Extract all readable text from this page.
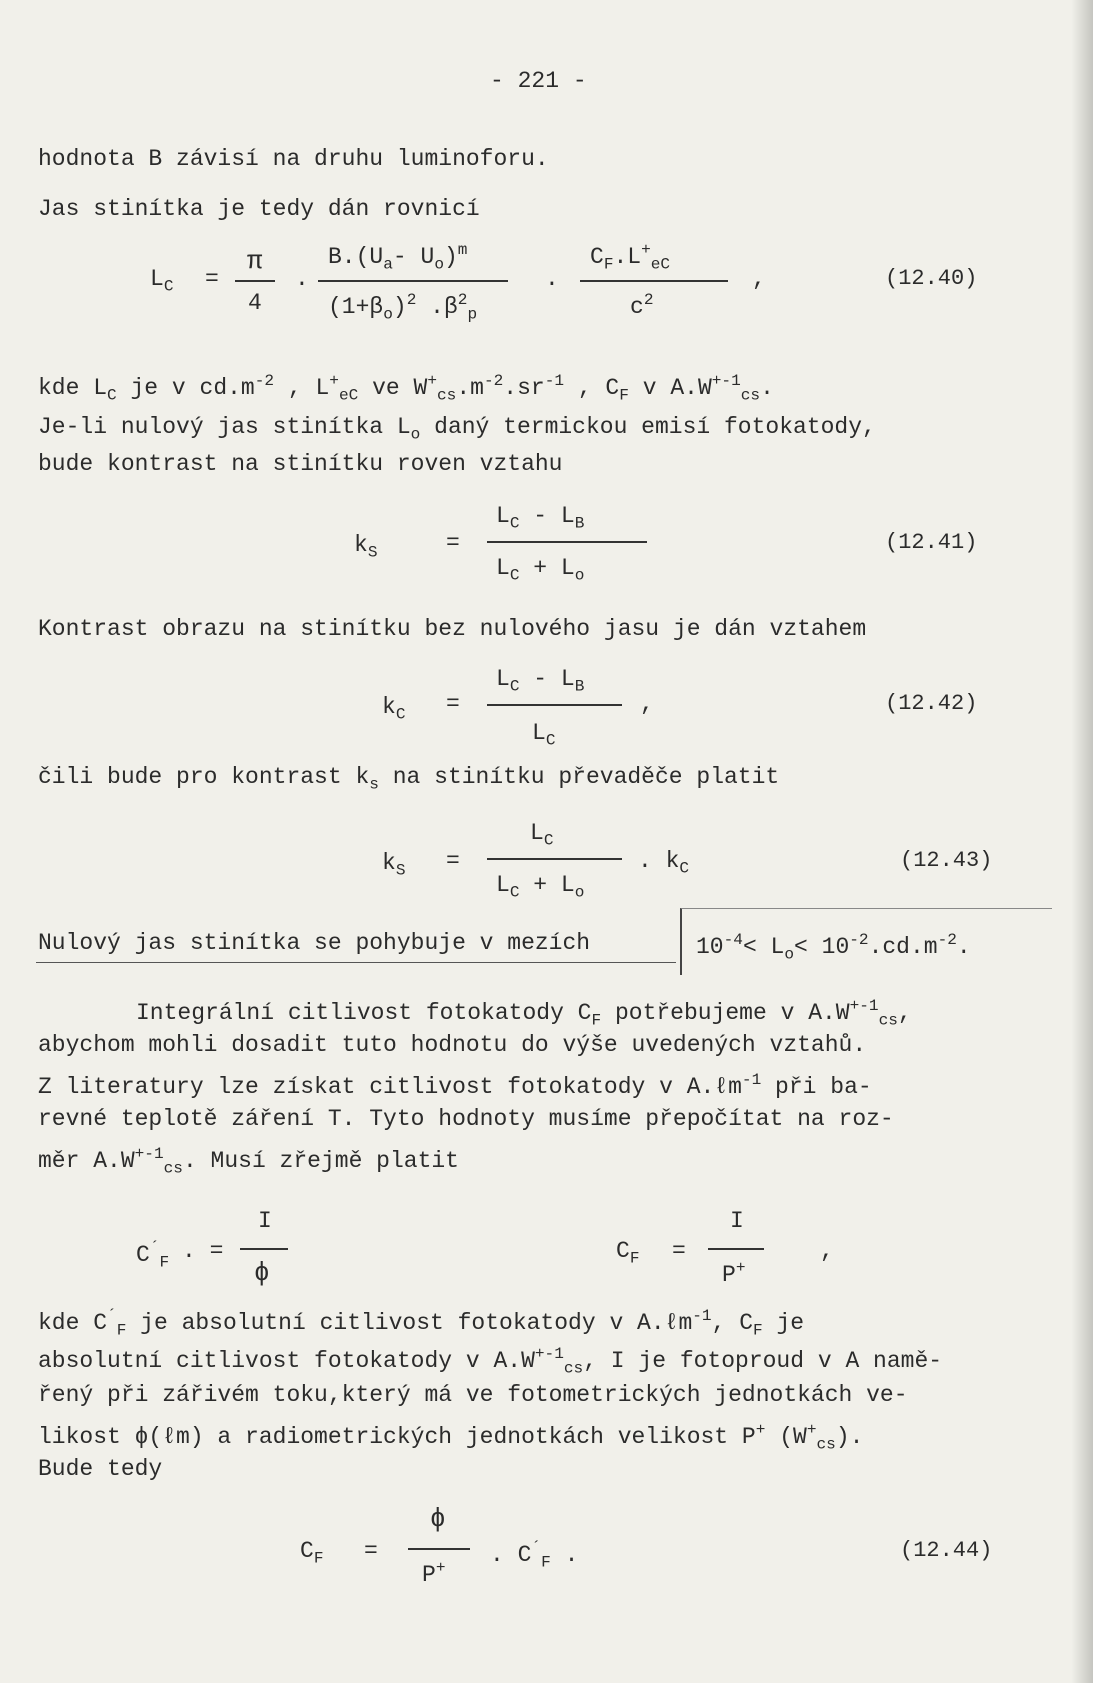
- 221 -
hodnota B závisí na druhu luminoforu.
Jas stinítka je tedy dán rovnicí
$L_C$ =
π
4
.
$B.(U_a-$ $U_o)^m$
$(1+\beta_o)^2$ $.\beta^2_p$
.
$C_F.L^+_{eC}$
$c^2$
,	(12.40)
kde $L_C$ je v $cd.m^{-2}$ , $L^+_{eC}$ ve $W^+_{cs}.m^{-2}.sr^{-1}$ , $C_F$ v $A.W^{+-1}_{cs}$.
Je-li nulový jas stinítka $L_o$ daný termickou emisí fotokatody,
bude kontrast na stinítku roven vztahu
$k_S$	=
$L_C - L_B$
$L_C + L_o$
(12.41)
Kontrast obrazu na stinítku bez nulového jasu je dán vztahem
$k_C$ =
$L_C - L_B$
$L_C$
,	(12.42)
čili bude pro kontrast $k_s$ na stinítku převaděče platit
$k_S$ =
$L_C$
$L_C + L_o$
. $k_C$	(12.43)
Nulový jas stinítka se pohybuje v mezích	$10^{-4}< L_o< 10^{-2}.cd.m^{-2}$.
Integrální citlivost fotokatody $C_F$ potřebujeme v $A.W^{+-1}_{cs}$,
abychom mohli dosadit tuto hodnotu do výše uvedených vztahů.
Z literatury lze získat citlivost fotokatody v A.ℓm$^{-1}$ při ba-
revné teplotě záření T. Tyto hodnoty musíme přepočítat na roz-
měr $A.W^{+-1}_{cs}$. Musí zřejmě platit
$C^´_F$ . =
I
ϕ
$C_F$ =
I
P+
,
kde $C^´_F$ je absolutní citlivost fotokatody v A.ℓm$^{-1}$, $C_F$ je
absolutní citlivost fotokatody v $A.W^{+-1}_{cs}$, I je fotoproud v A namě-
řený při zářivém toku,který má ve fotometrických jednotkách ve-
likost ϕ(ℓm) a radiometrických jednotkách velikost P+ $(W^+_{cs})$.
Bude tedy
$C_F$ =
ϕ
P+
. $C^´_F$ .	(12.44)
